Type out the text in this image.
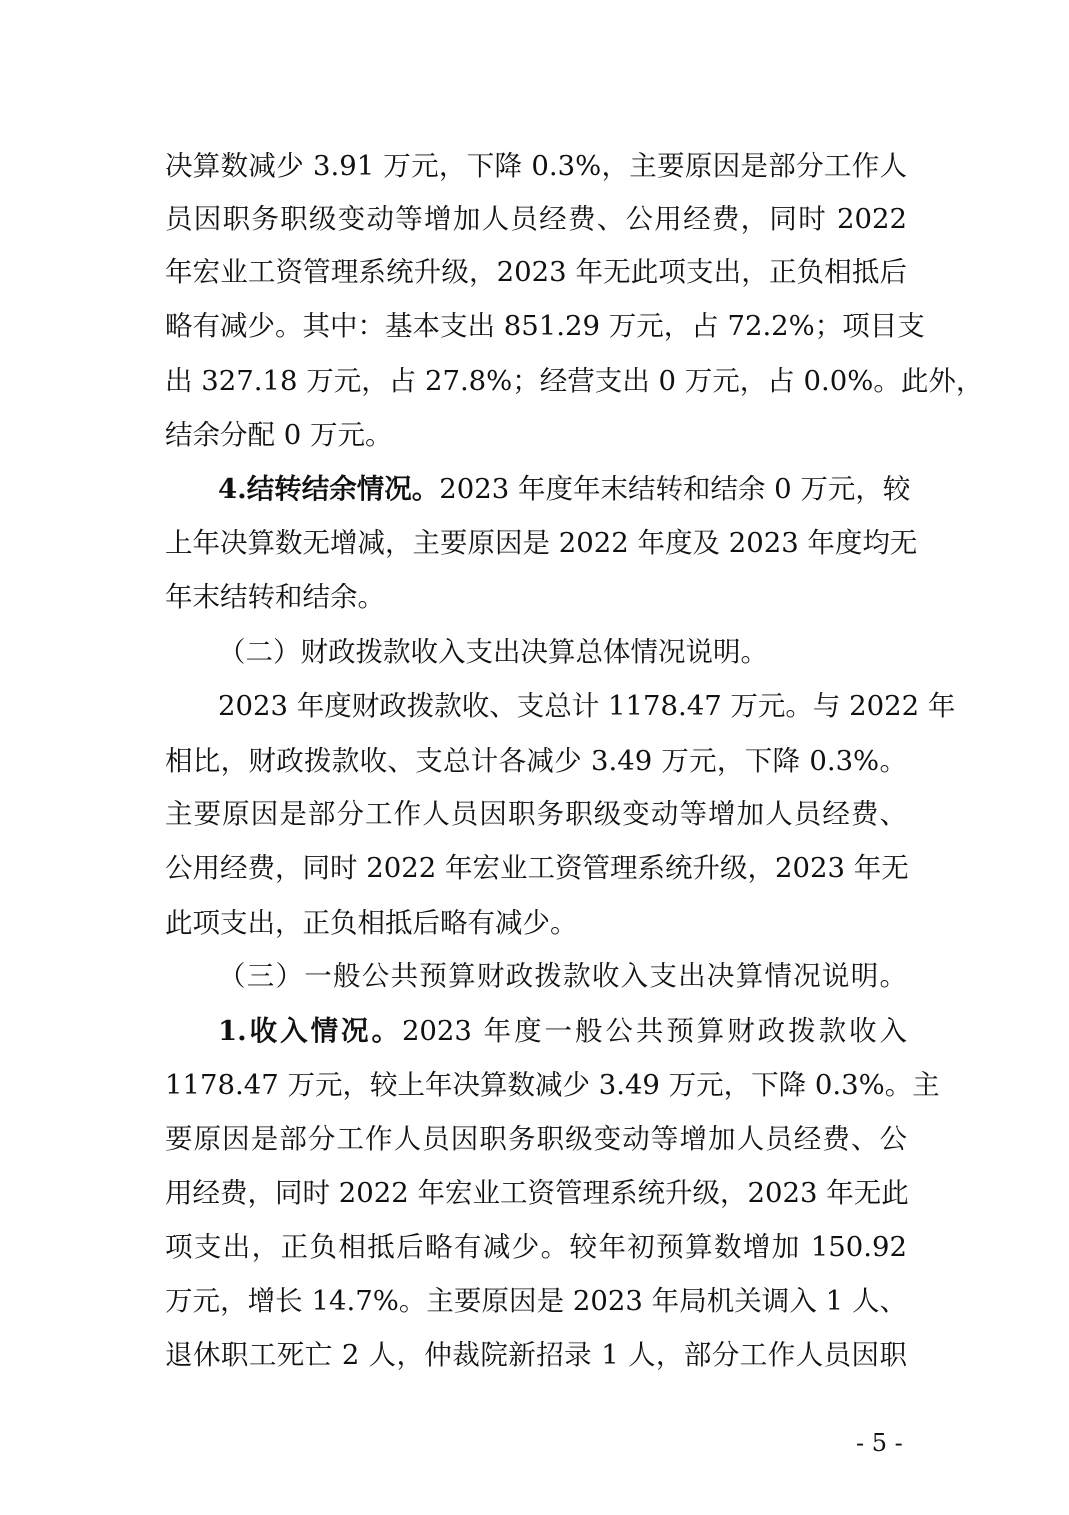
决算数减少 3.91 万元，下降 0.3%，主要原因是部分工作人
员因职务职级变动等增加人员经费、公用经费，同时 2022
年宏业工资管理系统升级，2023 年无此项支出，正负相抵后
略有减少。其中：基本支出 851.29 万元，占 72.2%；项目支
出 327.18 万元，占 27.8%；经营支出 0 万元，占 0.0%。此外，
结余分配 0 万元。
4.结转结余情况。2023 年度年末结转和结余 0 万元，较
上年决算数无增减，主要原因是 2022 年度及 2023 年度均无
年末结转和结余。
（二）财政拨款收入支出决算总体情况说明。
2023 年度财政拨款收、支总计 1178.47 万元。与 2022 年
相比，财政拨款收、支总计各减少 3.49 万元，下降 0.3%。
主要原因是部分工作人员因职务职级变动等增加人员经费、
公用经费，同时 2022 年宏业工资管理系统升级，2023 年无
此项支出，正负相抵后略有减少。
（三）一般公共预算财政拨款收入支出决算情况说明。
1.收入情况。2023 年度一般公共预算财政拨款收入
1178.47 万元，较上年决算数减少 3.49 万元，下降 0.3%。主
要原因是部分工作人员因职务职级变动等增加人员经费、公
用经费，同时 2022 年宏业工资管理系统升级，2023 年无此
项支出，正负相抵后略有减少。较年初预算数增加 150.92
万元，增长 14.7%。主要原因是 2023 年局机关调入 1 人、
退休职工死亡 2 人，仲裁院新招录 1 人，部分工作人员因职
- 5 -
